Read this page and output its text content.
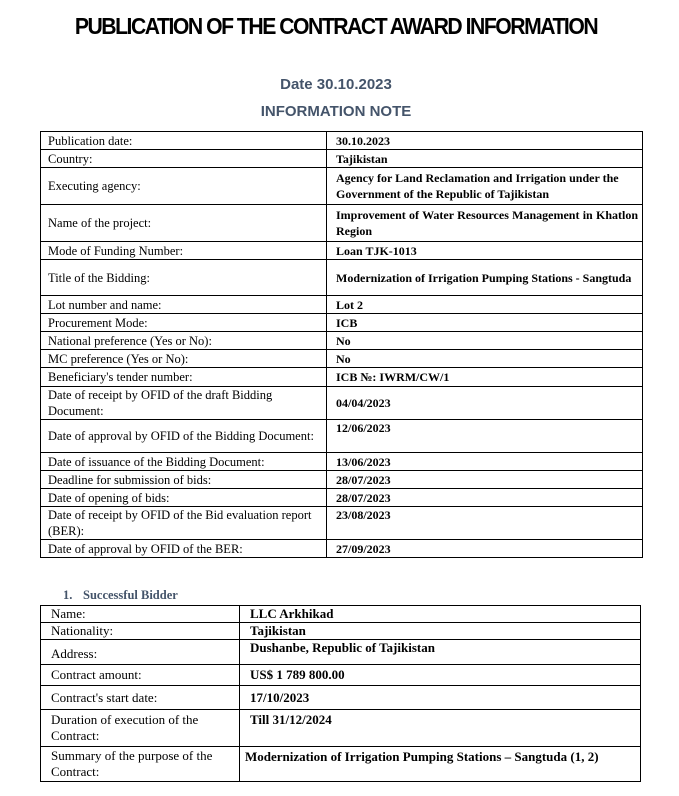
PUBLICATION OF THE CONTRACT AWARD INFORMATION
Date 30.10.2023
INFORMATION NOTE
Publication date:	30.10.2023
Country:	Tajikistan
Executing agency:	Agency for Land Reclamation and Irrigation under the Government of the Republic of Tajikistan
Name of the project:	Improvement of Water Resources Management in Khatlon Region
Mode of Funding Number:	Loan TJK-1013
Title of the Bidding:	Modernization of Irrigation Pumping Stations - Sangtuda
Lot number and name:	Lot 2
Procurement Mode:	ICB
National preference (Yes or No):	No
MC preference (Yes or No):	No
Beneficiary's tender number:	ICB №: IWRM/CW/1
Date of receipt by OFID of the draft Bidding Document:	04/04/2023
Date of approval by OFID of the Bidding Document:	12/06/2023
Date of issuance of the Bidding Document:	13/06/2023
Deadline for submission of bids:	28/07/2023
Date of opening of bids:	28/07/2023
Date of receipt by OFID of the Bid evaluation report (BER):	23/08/2023
Date of approval by OFID of the BER:	27/09/2023
1. Successful Bidder
Name:	LLC Arkhikad
Nationality:	Tajikistan
Address:	Dushanbe, Republic of Tajikistan
Contract amount:	US$ 1 789 800.00
Contract's start date:	17/10/2023
Duration of execution of the Contract:	Till 31/12/2024
Summary of the purpose of the Contract:	Modernization of Irrigation Pumping Stations – Sangtuda (1, 2)
